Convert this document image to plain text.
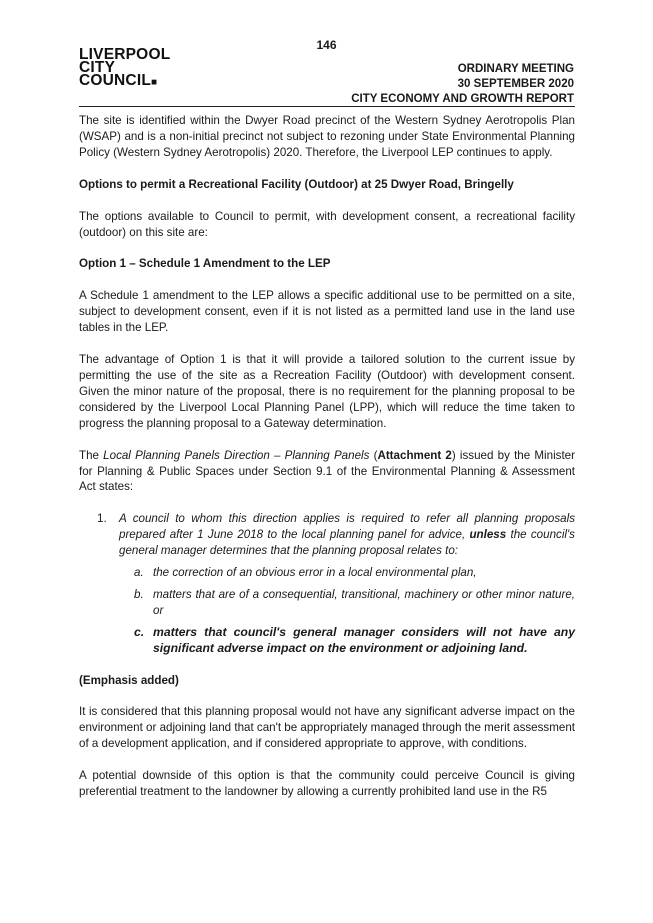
146
LIVERPOOL
CITY
COUNCIL■
ORDINARY MEETING
30 SEPTEMBER 2020
CITY ECONOMY AND GROWTH REPORT

The site is identified within the Dwyer Road precinct of the Western Sydney Aerotropolis Plan (WSAP) and is a non-initial precinct not subject to rezoning under State Environmental Planning Policy (Western Sydney Aerotropolis) 2020. Therefore, the Liverpool LEP continues to apply.

Options to permit a Recreational Facility (Outdoor) at 25 Dwyer Road, Bringelly

The options available to Council to permit, with development consent, a recreational facility (outdoor) on this site are:

Option 1 – Schedule 1 Amendment to the LEP

A Schedule 1 amendment to the LEP allows a specific additional use to be permitted on a site, subject to development consent, even if it is not listed as a permitted land use in the land use tables in the LEP.

The advantage of Option 1 is that it will provide a tailored solution to the current issue by permitting the use of the site as a Recreation Facility (Outdoor) with development consent. Given the minor nature of the proposal, there is no requirement for the planning proposal to be considered by the Liverpool Local Planning Panel (LPP), which will reduce the time taken to progress the planning proposal to a Gateway determination.

The Local Planning Panels Direction – Planning Panels (Attachment 2) issued by the Minister for Planning & Public Spaces under Section 9.1 of the Environmental Planning & Assessment Act states:

1.	A council to whom this direction applies is required to refer all planning proposals prepared after 1 June 2018 to the local planning panel for advice, unless the council's general manager determines that the planning proposal relates to:
a. the correction of an obvious error in a local environmental plan,
b. matters that are of a consequential, transitional, machinery or other minor nature, or
c. matters that council's general manager considers will not have any significant adverse impact on the environment or adjoining land.
(Emphasis added)

It is considered that this planning proposal would not have any significant adverse impact on the environment or adjoining land that can't be appropriately managed through the merit assessment of a development application, and if considered appropriate to approve, with conditions.

A potential downside of this option is that the community could perceive Council is giving preferential treatment to the landowner by allowing a currently prohibited land use in the R5
